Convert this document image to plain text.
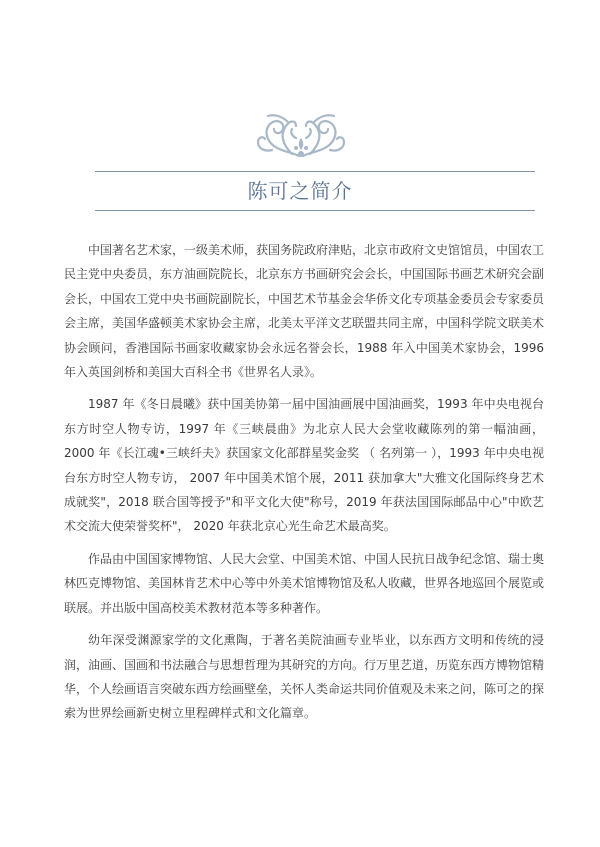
陈可之简介

中国著名艺术家，一级美术师，获国务院政府津贴，北京市政府文史馆馆员，中国农工民主党中央委员，东方油画院院长，北京东方书画研究会会长，中国国际书画艺术研究会副会长，中国农工党中央书画院副院长，中国艺术节基金会华侨文化专项基金委员会专家委员会主席，美国华盛顿美术家协会主席，北美太平洋文艺联盟共同主席，中国科学院文联美术协会顾问，香港国际书画家收藏家协会永远名誉会长，1988 年入中国美术家协会，1996 年入英国剑桥和美国大百科全书《世界名人录》。

1987 年《冬日晨曦》获中国美协第一届中国油画展中国油画奖，1993 年中央电视台东方时空人物专访，1997 年《三峡晨曲》为北京人民大会堂收藏陈列的第一幅油画，2000 年《长江魂•三峡纤夫》获国家文化部群星奖金奖 （ 名列第一 ），1993 年中央电视台东方时空人物专访， 2007 年中国美术馆个展，2011 获加拿大"大雅文化国际终身艺术成就奖"，2018 联合国等授予"和平文化大使"称号，2019 年获法国国际邮品中心"中欧艺术交流大使荣誉奖杯"， 2020 年获北京心光生命艺术最高奖。

作品由中国国家博物馆、人民大会堂、中国美术馆、中国人民抗日战争纪念馆、瑞士奥林匹克博物馆、美国林肯艺术中心等中外美术馆博物馆及私人收藏，世界各地巡回个展览或联展。并出版中国高校美术教材范本等多种著作。

幼年深受渊源家学的文化熏陶，于著名美院油画专业毕业，以东西方文明和传统的浸润，油画、国画和书法融合与思想哲理为其研究的方向。行万里艺道，历览东西方博物馆精华，个人绘画语言突破东西方绘画壁垒，关怀人类命运共同价值观及未来之问，陈可之的探索为世界绘画新史树立里程碑样式和文化篇章。
